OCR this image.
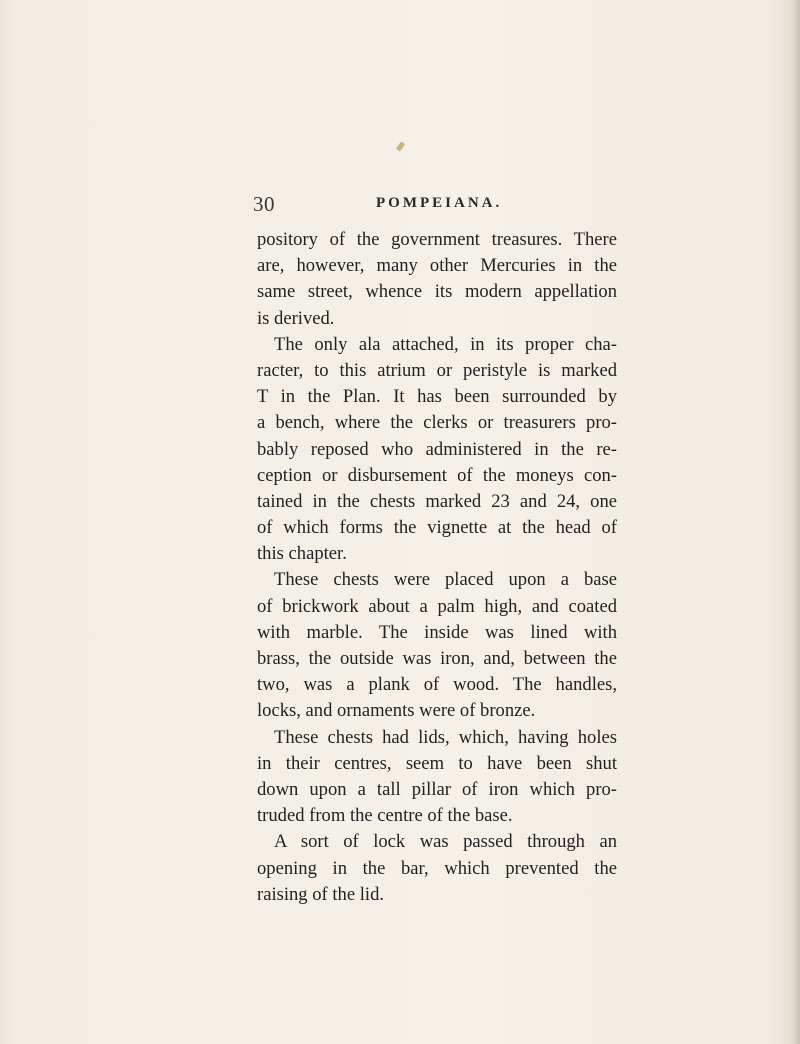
30	POMPEIANA.
pository of the government treasures. There
are, however, many other Mercuries in the
same street, whence its modern appellation
is derived.
The only ala attached, in its proper cha-
racter, to this atrium or peristyle is marked
T in the Plan. It has been surrounded by
a bench, where the clerks or treasurers pro-
bably reposed who administered in the re-
ception or disbursement of the moneys con-
tained in the chests marked 23 and 24, one
of which forms the vignette at the head of
this chapter.
These chests were placed upon a base
of brickwork about a palm high, and coated
with marble. The inside was lined with
brass, the outside was iron, and, between the
two, was a plank of wood. The handles,
locks, and ornaments were of bronze.
These chests had lids, which, having holes
in their centres, seem to have been shut
down upon a tall pillar of iron which pro-
truded from the centre of the base.
A sort of lock was passed through an
opening in the bar, which prevented the
raising of the lid.
